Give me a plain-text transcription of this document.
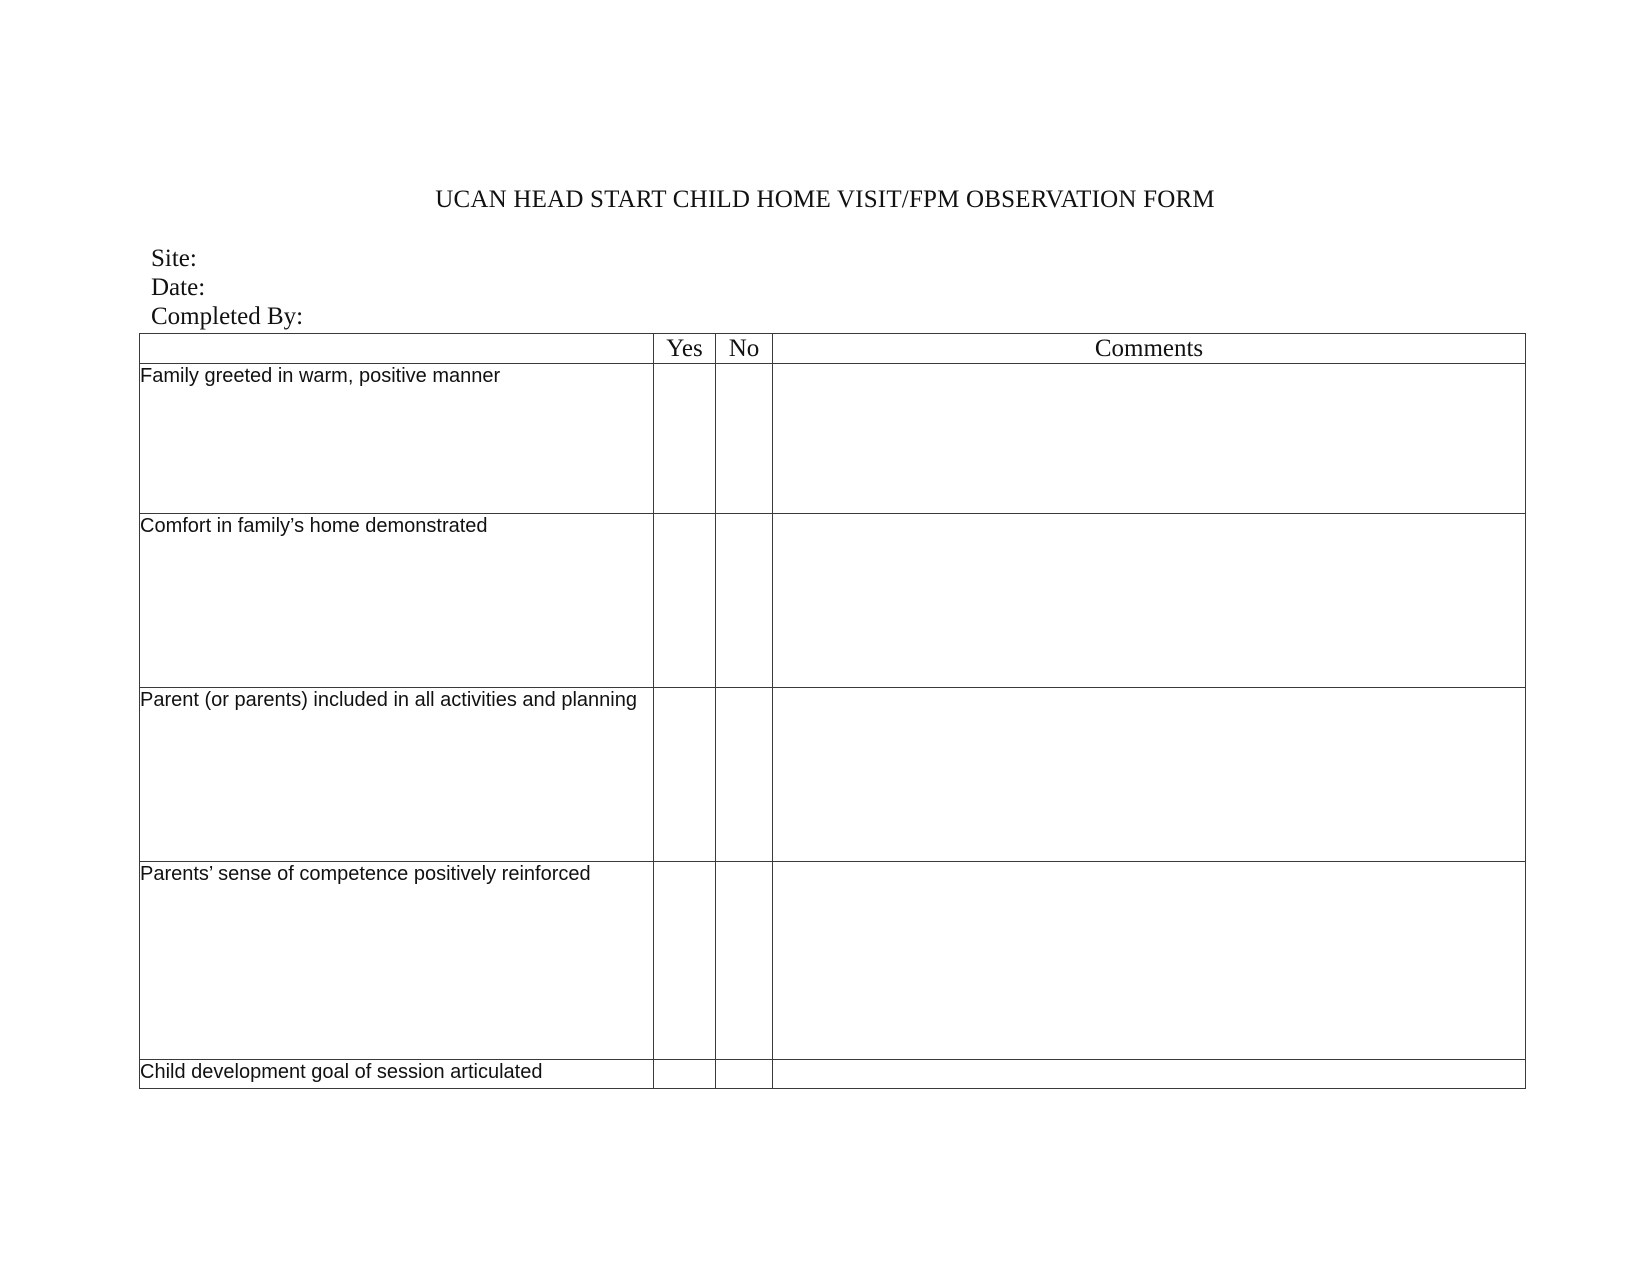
UCAN HEAD START CHILD HOME VISIT/FPM OBSERVATION FORM
Site:
Date:
Completed By:
	Yes	No	Comments
Family greeted in warm, positive manner			
Comfort in family’s home demonstrated			
Parent (or parents) included in all activities and planning			
Parents’ sense of competence positively reinforced			
Child development goal of session articulated			
